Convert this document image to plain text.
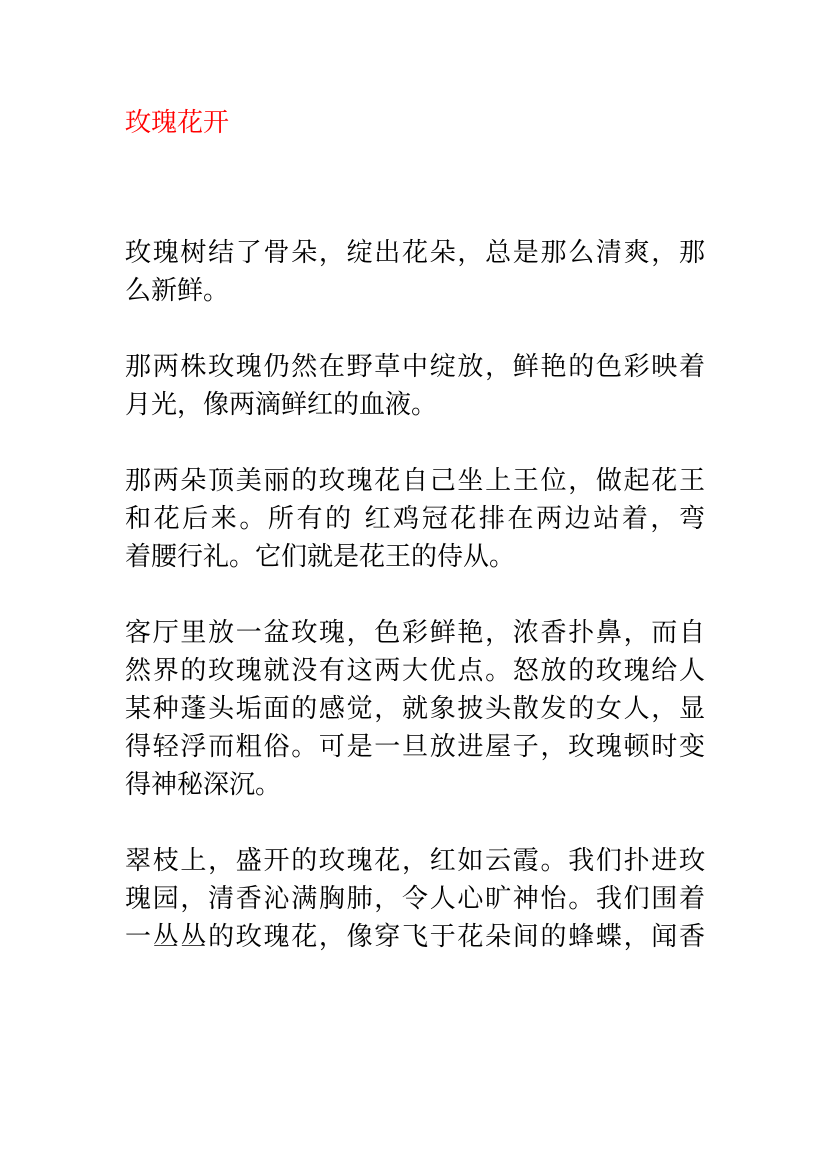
玫瑰花开

玫瑰树结了骨朵，绽出花朵，总是那么清爽，那
么新鲜。

那两株玫瑰仍然在野草中绽放，鲜艳的色彩映着
月光，像两滴鲜红的血液。

那两朵顶美丽的玫瑰花自己坐上王位，做起花王
和花后来。所有的 红鸡冠花排在两边站着，弯
着腰行礼。它们就是花王的侍从。

客厅里放一盆玫瑰，色彩鲜艳，浓香扑鼻，而自
然界的玫瑰就没有这两大优点。怒放的玫瑰给人
某种蓬头垢面的感觉，就象披头散发的女人，显
得轻浮而粗俗。可是一旦放进屋子，玫瑰顿时变
得神秘深沉。

翠枝上，盛开的玫瑰花，红如云霞。我们扑进玫
瑰园，清香沁满胸肺，令人心旷神怡。我们围着
一丛丛的玫瑰花，像穿飞于花朵间的蜂蝶，闻香
